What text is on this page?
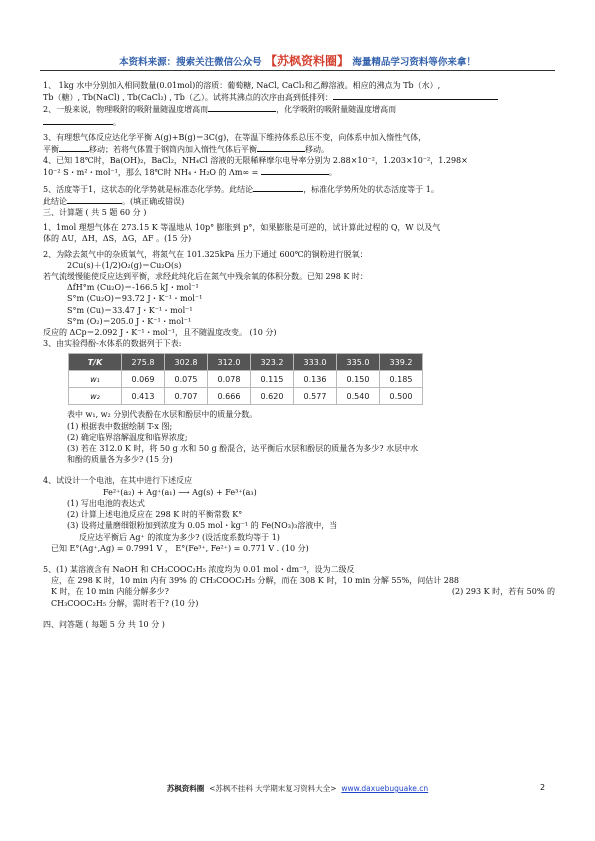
本资料来源：搜索关注微信公众号 【苏枫资料圈】 海量精品学习资料等你来拿！

1、 1kg 水中分别加入相同数量(0.01mol)的溶质：葡萄糖, NaCl, CaCl₂和乙醇溶液。相应的沸点为 Tb（水）,

Tb（糖）, Tb(NaCl) , Tb(CaCl₂) , Tb（乙）。试将其沸点的次序由高到低排列：

2、一般来说，物理吸附的吸附量随温度增高而	，化学吸附的吸附量随温度增高而

。

3、有理想气体反应达化学平衡 A(g)+B(g)＝3C(g)，在等温下维持体系总压不变，向体系中加入惰性气体，

平衡	移动；若将气体置于钢筒内加入惰性气体后平衡	移动。

4、已知 18℃时，Ba(OH)₂，BaCl₂，NH₄Cl 溶液的无限稀释摩尔电导率分别为 2.88×10⁻²，1.203×10⁻²，1.298×

10⁻² S・m²・mol⁻¹，那么 18℃时 NH₄・H₂O 的 Λm∞ =	。

5、活度等于1，这状态的化学势就是标准态化学势。此结论	，标准化学势所处的状态活度等于 1。

此结论	。(填正确或错误)

三、计算题 ( 共 5 题 60 分 )

1、1mol 理想气体在 273.15 K 等温地从 10p° 膨胀到 p°，如果膨胀是可逆的，试计算此过程的 Q，W 以及气

体的 ΔU，ΔH，ΔS，ΔG，ΔF 。(15 分)

2、为除去氮气中的杂质氧气，将氮气在 101.325kPa 压力下通过 600℃的铜粉进行脱氧：

2Cu(s)＋(1/2)O₂(g)＝Cu₂O(s)

若气流缓慢能使反应达到平衡，求经此纯化后在氮气中残余氧的体积分数。已知 298 K 时：

ΔfH°m (Cu₂O)＝-166.5 kJ・mol⁻¹

S°m (Cu₂O)＝93.72 J・K⁻¹・mol⁻¹

S°m (Cu)＝33.47 J・K⁻¹・mol⁻¹

S°m (O₂)＝205.0 J・K⁻¹・mol⁻¹

反应的 ΔCp＝2.092 J・K⁻¹・mol⁻¹，且不随温度改变。 (10 分)

3、由实验得酚-水体系的数据列于下表:

T/K	275.8	302.8	312.0	323.2	333.0	335.0	339.2
w₁	0.069	0.075	0.078	0.115	0.136	0.150	0.185
w₂	0.413	0.707	0.666	0.620	0.577	0.540	0.500

表中 w₁, w₂ 分别代表酚在水层和酚层中的质量分数。

(1) 根据表中数据绘制 T-x 图;

(2) 确定临界溶解温度和临界浓度;

(3) 若在 312.0 K 时，将 50 g 水和 50 g 酚混合，达平衡后水层和酚层的质量各为多少? 水层中水

和酚的质量各为多少? (15 分)

4、试设计一个电池，在其中进行下述反应

Fe²⁺(a₂) + Ag⁺(a₁) ⟶ Ag(s) + Fe³⁺(a₃)

(1) 写出电池的表达式

(2) 计算上述电池反应在 298 K 时的平衡常数 K°

(3) 设将过量磨细银粉加到浓度为 0.05 mol・kg⁻¹ 的 Fe(NO₃)₃溶液中，当

反应达平衡后 Ag⁺ 的浓度为多少? (设活度系数均等于 1)

已知 E°(Ag⁺,Ag) = 0.7991 V ， E°(Fe³⁺, Fe²⁺) = 0.771 V . (10 分)

5、(1) 某溶液含有 NaOH 和 CH₃COOC₂H₅ 浓度均为 0.01 mol・dm⁻³，设为二级反

应，在 298 K 时，10 min 内有 39% 的 CH₃COOC₂H₅ 分解，而在 308 K 时，10 min 分解 55%，问估计 288

K 时，在 10 min 内能分解多少?	(2) 293 K 时，若有 50% 的

CH₃COOC₂H₅ 分解，需时若干? (10 分)

四、问答题 ( 每题 5 分 共 10 分 )

苏枫资料圈 <苏枫不挂科 大学期末复习资料大全> www.daxuebuguake.cn	2
